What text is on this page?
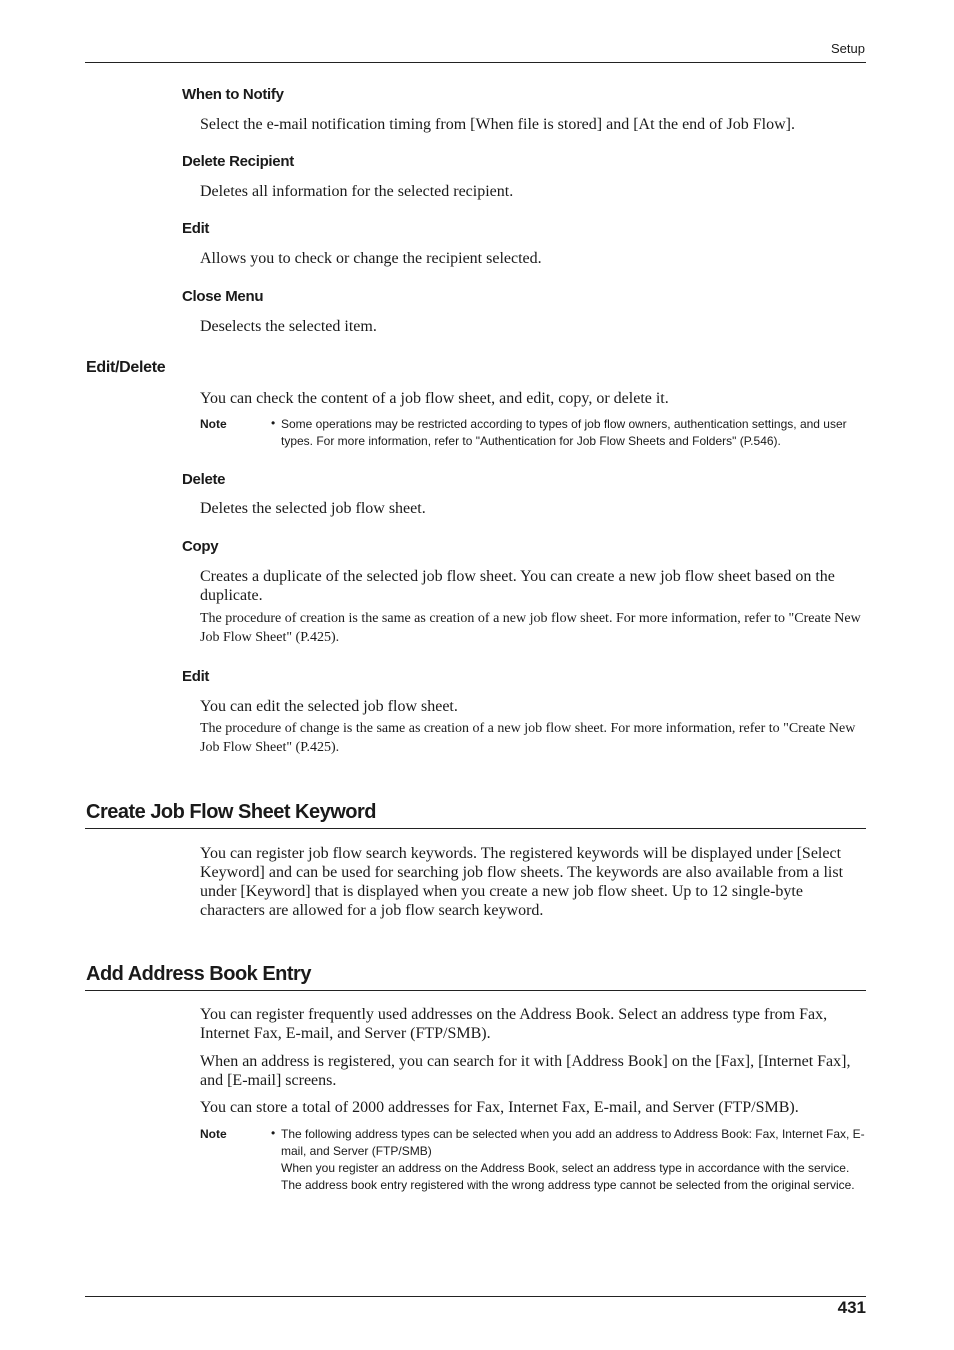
Setup
When to Notify

Select the e-mail notification timing from [When file is stored] and [At the end of Job Flow].

Delete Recipient

Deletes all information for the selected recipient.

Edit

Allows you to check or change the recipient selected.

Close Menu

Deselects the selected item.

Edit/Delete

You can check the content of a job flow sheet, and edit, copy, or delete it.

Note	• Some operations may be restricted according to types of job flow owners, authentication settings, and user types. For more information, refer to "Authentication for Job Flow Sheets and Folders" (P.546).

Delete

Deletes the selected job flow sheet.

Copy

Creates a duplicate of the selected job flow sheet. You can create a new job flow sheet based on the duplicate.

The procedure of creation is the same as creation of a new job flow sheet. For more information, refer to "Create New Job Flow Sheet" (P.425).

Edit

You can edit the selected job flow sheet.

The procedure of change is the same as creation of a new job flow sheet. For more information, refer to "Create New Job Flow Sheet" (P.425).

Create Job Flow Sheet Keyword

You can register job flow search keywords. The registered keywords will be displayed under [Select Keyword] and can be used for searching job flow sheets. The keywords are also available from a list under [Keyword] that is displayed when you create a new job flow sheet. Up to 12 single-byte characters are allowed for a job flow search keyword.

Add Address Book Entry

You can register frequently used addresses on the Address Book. Select an address type from Fax, Internet Fax, E-mail, and Server (FTP/SMB).

When an address is registered, you can search for it with [Address Book] on the [Fax], [Internet Fax], and [E-mail] screens.

You can store a total of 2000 addresses for Fax, Internet Fax, E-mail, and Server (FTP/SMB).

Note	• The following address types can be selected when you add an address to Address Book: Fax, Internet Fax, E-mail, and Server (FTP/SMB)

When you register an address on the Address Book, select an address type in accordance with the service. The address book entry registered with the wrong address type cannot be selected from the original service.

431
